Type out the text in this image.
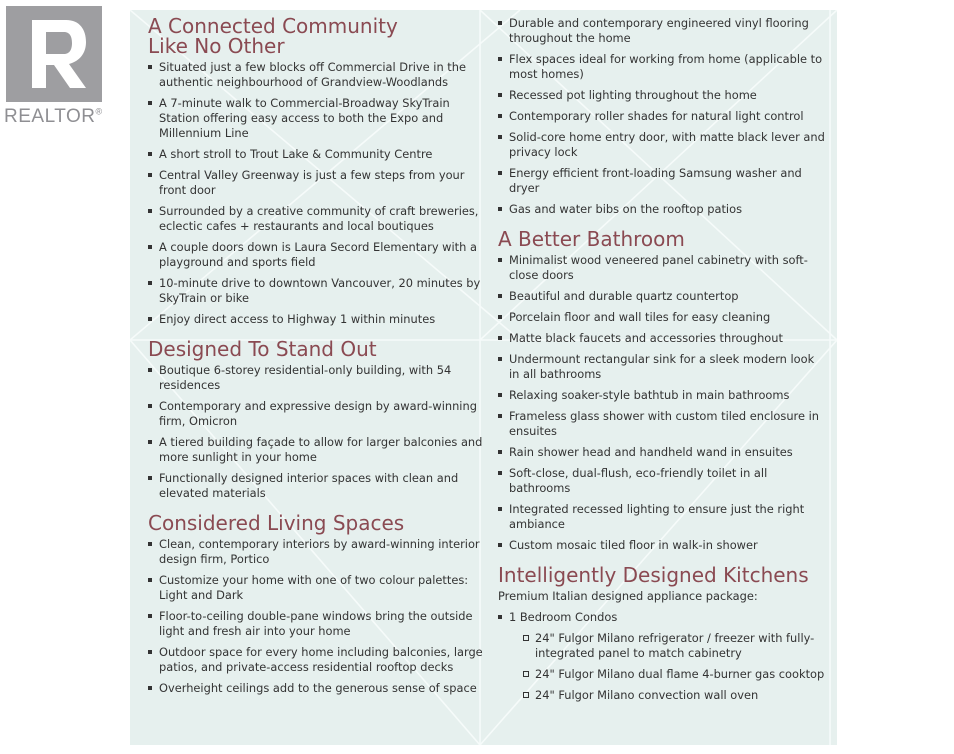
REALTOR®
A Connected Community
Like No Other
Situated just a few blocks off Commercial Drive in the authentic neighbourhood of Grandview-Woodlands
A 7-minute walk to Commercial-Broadway SkyTrain Station offering easy access to both the Expo and Millennium Line
A short stroll to Trout Lake & Community Centre
Central Valley Greenway is just a few steps from your front door
Surrounded by a creative community of craft breweries, eclectic cafes + restaurants and local boutiques
A couple doors down is Laura Secord Elementary with a playground and sports field
10-minute drive to downtown Vancouver, 20 minutes by SkyTrain or bike
Enjoy direct access to Highway 1 within minutes
Designed To Stand Out
Boutique 6-storey residential-only building, with 54 residences
Contemporary and expressive design by award-winning firm, Omicron
A tiered building façade to allow for larger balconies and more sunlight in your home
Functionally designed interior spaces with clean and elevated materials
Considered Living Spaces
Clean, contemporary interiors by award-winning interior design firm, Portico
Customize your home with one of two colour palettes: Light and Dark
Floor-to-ceiling double-pane windows bring the outside light and fresh air into your home
Outdoor space for every home including balconies, large patios, and private-access residential rooftop decks
Overheight ceilings add to the generous sense of space
Durable and contemporary engineered vinyl flooring throughout the home
Flex spaces ideal for working from home (applicable to most homes)
Recessed pot lighting throughout the home
Contemporary roller shades for natural light control
Solid-core home entry door, with matte black lever and privacy lock
Energy efficient front-loading Samsung washer and dryer
Gas and water bibs on the rooftop patios
A Better Bathroom
Minimalist wood veneered panel cabinetry with soft-close doors
Beautiful and durable quartz countertop
Porcelain floor and wall tiles for easy cleaning
Matte black faucets and accessories throughout
Undermount rectangular sink for a sleek modern look in all bathrooms
Relaxing soaker-style bathtub in main bathrooms
Frameless glass shower with custom tiled enclosure in ensuites
Rain shower head and handheld wand in ensuites
Soft-close, dual-flush, eco-friendly toilet in all bathrooms
Integrated recessed lighting to ensure just the right ambiance
Custom mosaic tiled floor in walk-in shower
Intelligently Designed Kitchens

Premium Italian designed appliance package:

1 Bedroom Condos
24" Fulgor Milano refrigerator / freezer with fully-integrated panel to match cabinetry
24" Fulgor Milano dual flame 4-burner gas cooktop
24" Fulgor Milano convection wall oven
